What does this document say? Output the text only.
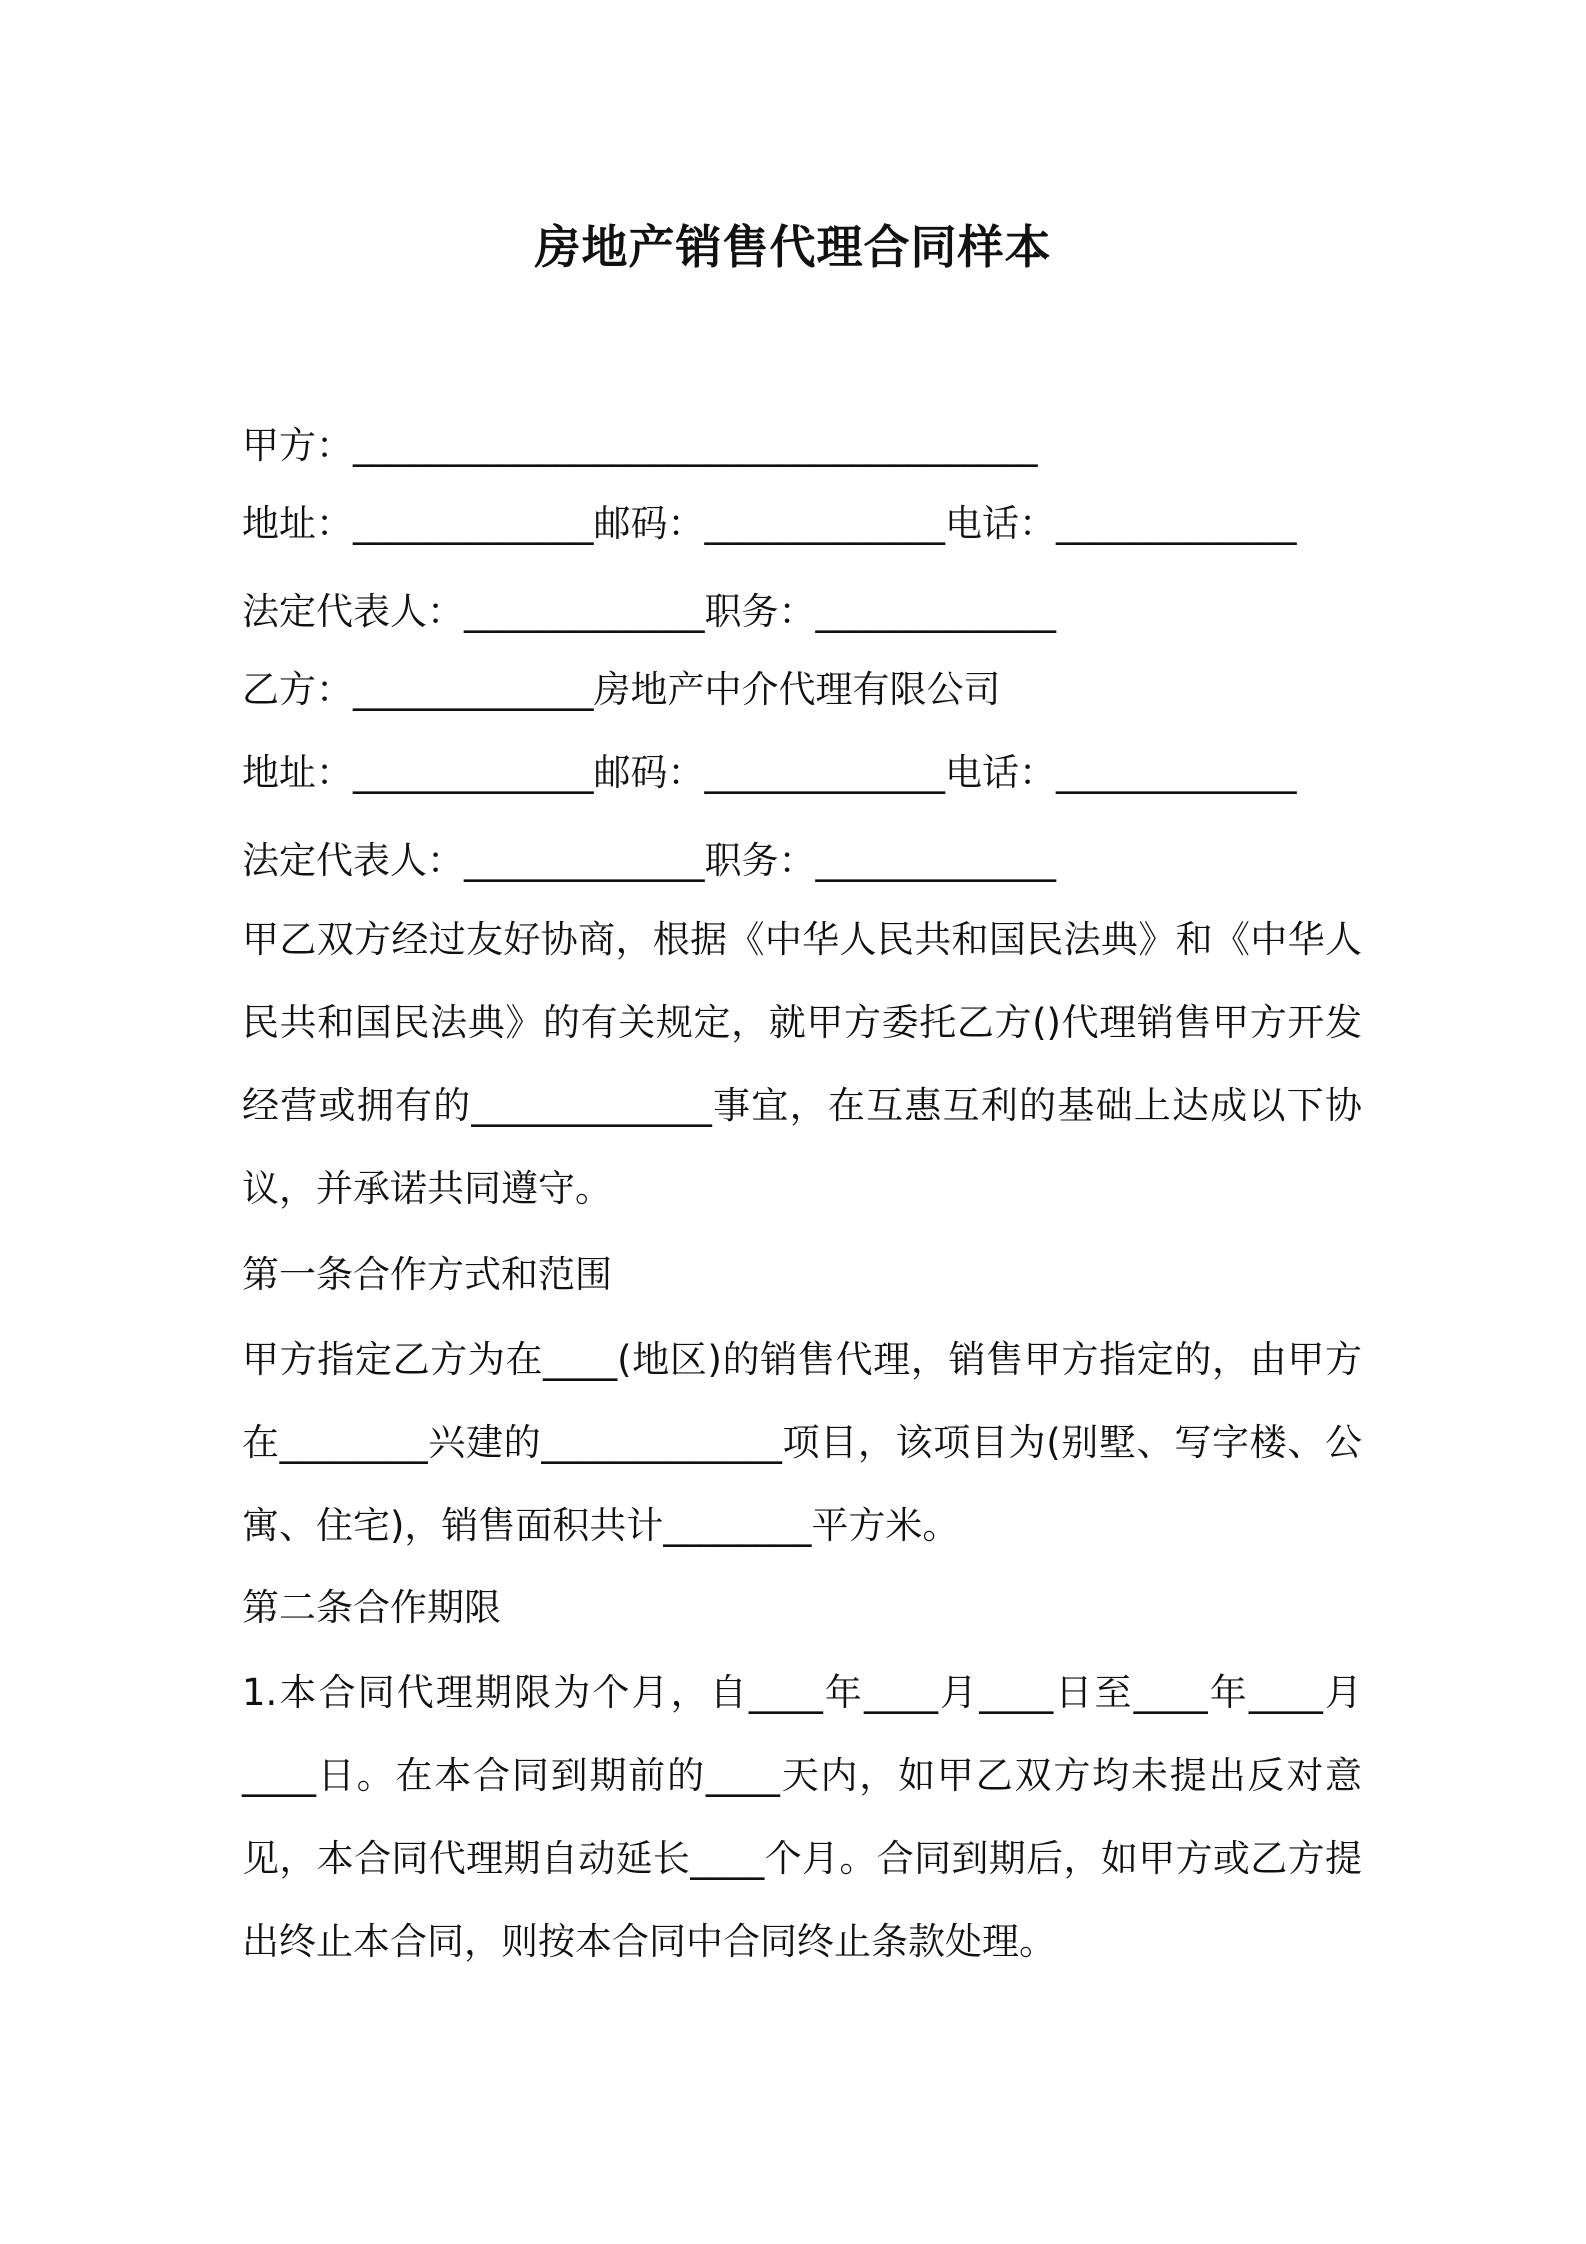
房地产销售代理合同样本

甲方：_____________________________________

地址：_____________邮码：_____________电话：_____________

法定代表人：_____________职务：_____________

乙方：_____________房地产中介代理有限公司

地址：_____________邮码：_____________电话：_____________

法定代表人：_____________职务：_____________

甲乙双方经过友好协商，根据《中华人民共和国民法典》和《中华人民共和国民法典》的有关规定，就甲方委托乙方()代理销售甲方开发经营或拥有的_____________事宜，在互惠互利的基础上达成以下协议，并承诺共同遵守。

第一条合作方式和范围

甲方指定乙方为在____(地区)的销售代理，销售甲方指定的，由甲方在________兴建的_____________项目，该项目为(别墅、写字楼、公寓、住宅)，销售面积共计________平方米。

第二条合作期限

1.本合同代理期限为个月，自____年____月____日至____年____月____日。在本合同到期前的____天内，如甲乙双方均未提出反对意见，本合同代理期自动延长____个月。合同到期后，如甲方或乙方提出终止本合同，则按本合同中合同终止条款处理。
